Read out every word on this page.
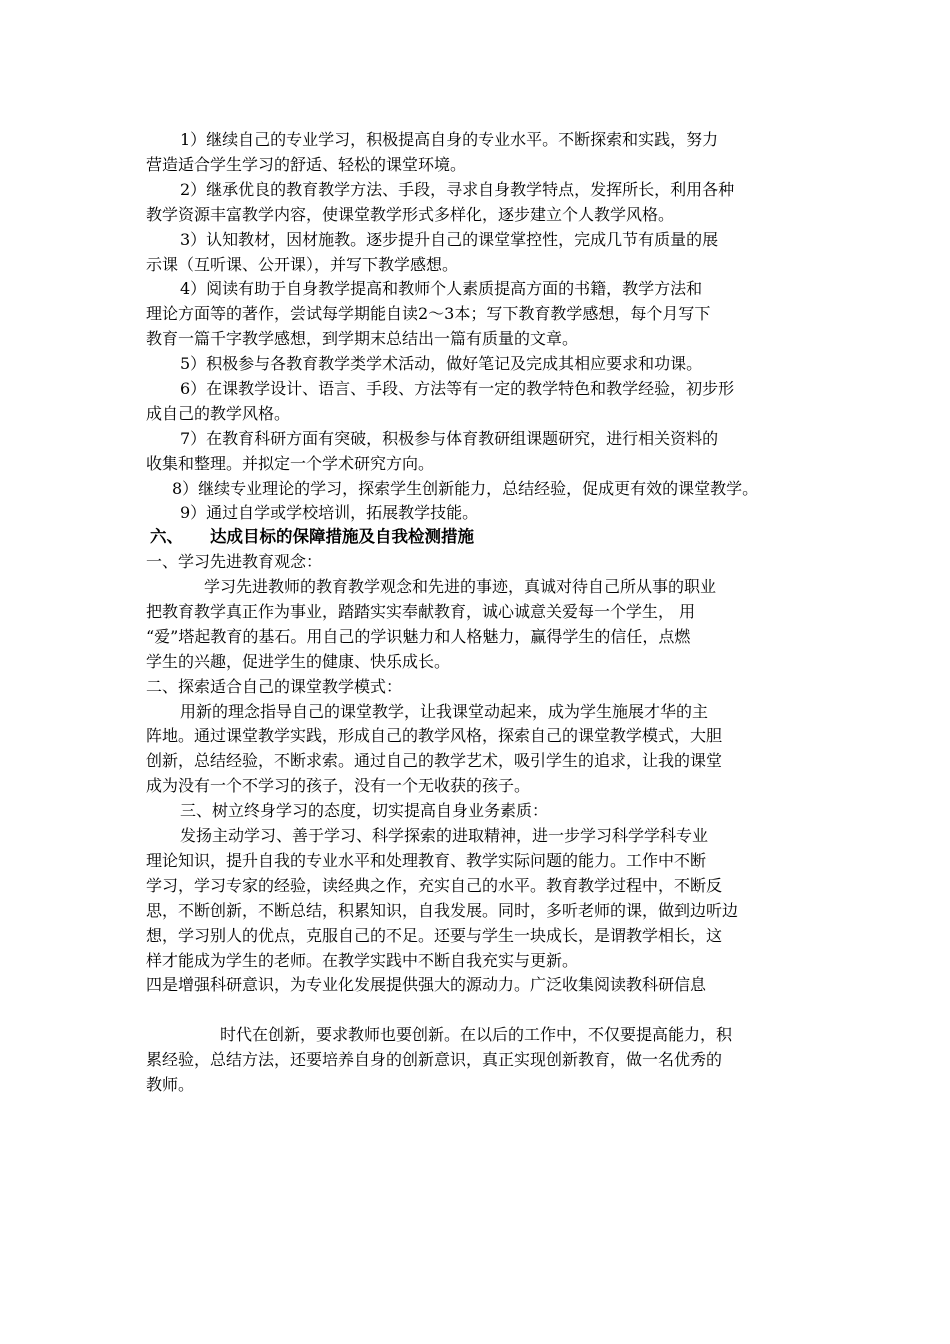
1）继续自己的专业学习，积极提高自身的专业水平。不断探索和实践，努力
营造适合学生学习的舒适、轻松的课堂环境。
2）继承优良的教育教学方法、手段，寻求自身教学特点，发挥所长，利用各种
教学资源丰富教学内容，使课堂教学形式多样化，逐步建立个人教学风格。
3）认知教材，因材施教。逐步提升自己的课堂掌控性，完成几节有质量的展
示课（互听课、公开课），并写下教学感想。
4）阅读有助于自身教学提高和教师个人素质提高方面的书籍，教学方法和
理论方面等的著作，尝试每学期能自读2～3本；写下教育教学感想，每个月写下
教育一篇千字教学感想，到学期末总结出一篇有质量的文章。
5）积极参与各教育教学类学术活动，做好笔记及完成其相应要求和功课。
6）在课教学设计、语言、手段、方法等有一定的教学特色和教学经验，初步形
成自己的教学风格。
7）在教育科研方面有突破，积极参与体育教研组课题研究，进行相关资料的
收集和整理。并拟定一个学术研究方向。
8）继续专业理论的学习，探索学生创新能力，总结经验，促成更有效的课堂教学。
9）通过自学或学校培训，拓展教学技能。
六、 达成目标的保障措施及自我检测措施
一、学习先进教育观念：
学习先进教师的教育教学观念和先进的事迹，真诚对待自己所从事的职业
把教育教学真正作为事业，踏踏实实奉献教育，诚心诚意关爱每一个学生， 用
“爱”塔起教育的基石。用自己的学识魅力和人格魅力，赢得学生的信任，点燃
学生的兴趣，促进学生的健康、快乐成长。
二、探索适合自己的课堂教学模式：
用新的理念指导自己的课堂教学，让我课堂动起来，成为学生施展才华的主
阵地。通过课堂教学实践，形成自己的教学风格，探索自己的课堂教学模式，大胆
创新，总结经验，不断求索。通过自己的教学艺术，吸引学生的追求，让我的课堂
成为没有一个不学习的孩子，没有一个无收获的孩子。
三、树立终身学习的态度，切实提高自身业务素质：
发扬主动学习、善于学习、科学探索的进取精神，进一步学习科学学科专业
理论知识，提升自我的专业水平和处理教育、教学实际问题的能力。工作中不断
学习，学习专家的经验，读经典之作，充实自己的水平。教育教学过程中，不断反
思，不断创新，不断总结，积累知识，自我发展。同时，多听老师的课，做到边听边
想，学习别人的优点，克服自己的不足。还要与学生一块成长，是谓教学相长，这
样才能成为学生的老师。在教学实践中不断自我充实与更新。
四是增强科研意识，为专业化发展提供强大的源动力。广泛收集阅读教科研信息
时代在创新，要求教师也要创新。在以后的工作中，不仅要提高能力，积
累经验，总结方法，还要培养自身的创新意识，真正实现创新教育，做一名优秀的
教师。
